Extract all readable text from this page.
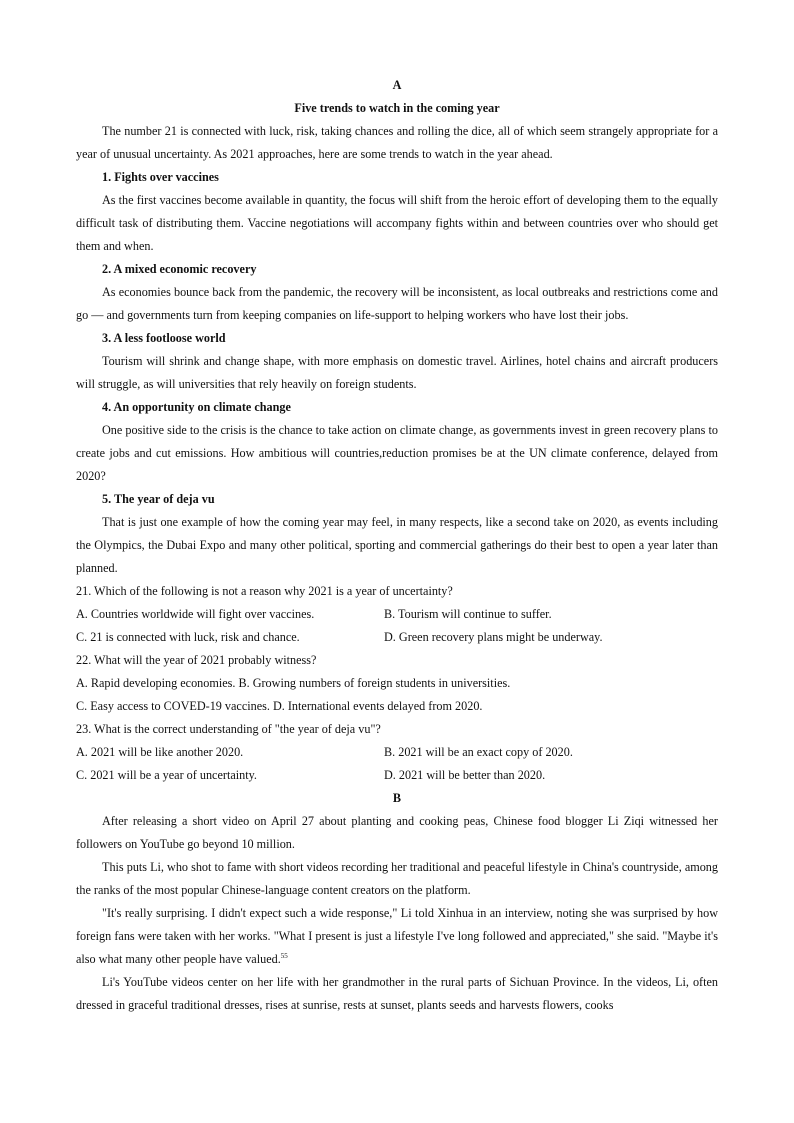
A
Five trends to watch in the coming year

The number 21 is connected with luck, risk, taking chances and rolling the dice, all of which seem strangely appropriate for a year of unusual uncertainty. As 2021 approaches, here are some trends to watch in the year ahead.

1. Fights over vaccines

As the first vaccines become available in quantity, the focus will shift from the heroic effort of developing them to the equally difficult task of distributing them. Vaccine negotiations will accompany fights within and between countries over who should get them and when.

2. A mixed economic recovery

As economies bounce back from the pandemic, the recovery will be inconsistent, as local outbreaks and restrictions come and go — and governments turn from keeping companies on life-support to helping workers who have lost their jobs.

3. A less footloose world

Tourism will shrink and change shape, with more emphasis on domestic travel. Airlines, hotel chains and aircraft producers will struggle, as will universities that rely heavily on foreign students.

4. An opportunity on climate change

One positive side to the crisis is the chance to take action on climate change, as governments invest in green recovery plans to create jobs and cut emissions. How ambitious will countries,reduction promises be at the UN climate conference, delayed from 2020?

5. The year of deja vu

That is just one example of how the coming year may feel, in many respects, like a second take on 2020, as events including the Olympics, the Dubai Expo and many other political, sporting and commercial gatherings do their best to open a year later than planned.

21. Which of the following is not a reason why 2021 is a year of uncertainty?

A. Countries worldwide will fight over vaccines.	B. Tourism will continue to suffer.
C. 21 is connected with luck, risk and chance.	D. Green recovery plans might be underway.

22. What will the year of 2021 probably witness?

A. Rapid developing economies. B. Growing numbers of foreign students in universities.

C. Easy access to COVED-19 vaccines. D. International events delayed from 2020.

23. What is the correct understanding of "the year of deja vu"?

A. 2021 will be like another 2020.	B. 2021 will be an exact copy of 2020.
C. 2021 will be a year of uncertainty.	D. 2021 will be better than 2020.
B

After releasing a short video on April 27 about planting and cooking peas, Chinese food blogger Li Ziqi witnessed her followers on YouTube go beyond 10 million.

This puts Li, who shot to fame with short videos recording her traditional and peaceful lifestyle in China's countryside, among the ranks of the most popular Chinese-language content creators on the platform.

"It's really surprising. I didn't expect such a wide response," Li told Xinhua in an interview, noting she was surprised by how foreign fans were taken with her works. "What I present is just a lifestyle I've long followed and appreciated," she said. "Maybe it's also what many other people have valued.$^{55}$

Li's YouTube videos center on her life with her grandmother in the rural parts of Sichuan Province. In the videos, Li, often dressed in graceful traditional dresses, rises at sunrise, rests at sunset, plants seeds and harvests flowers, cooks
